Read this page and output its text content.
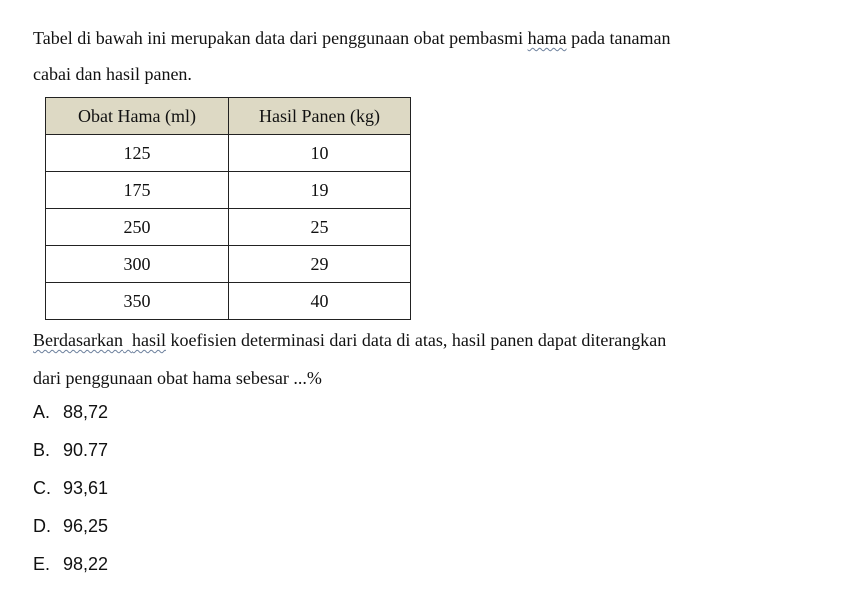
Tabel di bawah ini merupakan data dari penggunaan obat pembasmi hama pada tanaman
cabai dan hasil panen.
Obat Hama (ml)	Hasil Panen (kg)
125	10
175	19
250	25
300	29
350	40
Berdasarkan hasil koefisien determinasi dari data di atas, hasil panen dapat diterangkan
dari penggunaan obat hama sebesar ...%
A. 88,72
B. 90.77
C. 93,61
D. 96,25
E. 98,22
